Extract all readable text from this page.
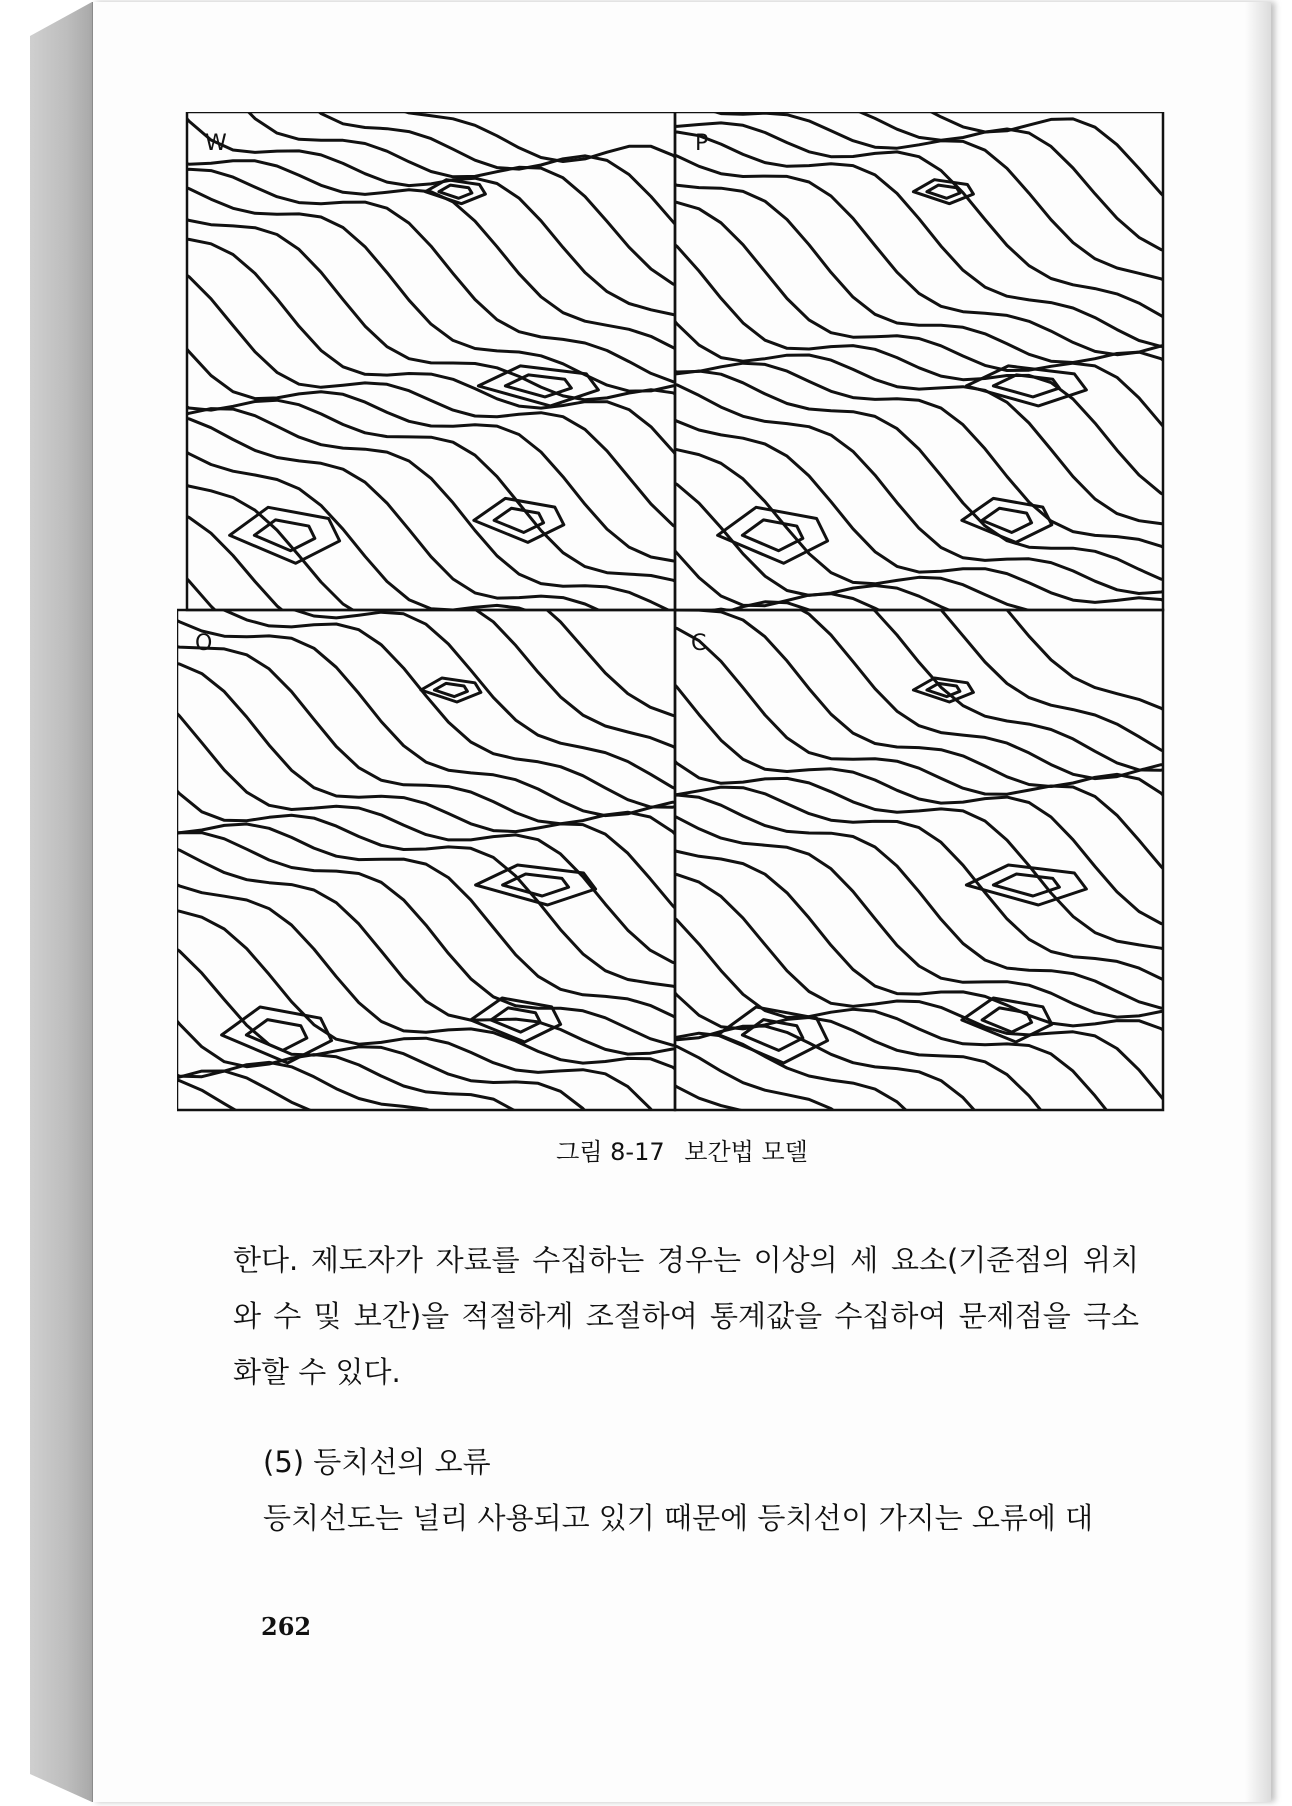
W	P
O	C
그림 8-17 보간법 모델
한다. 제도자가 자료를 수집하는 경우는 이상의 세 요소(기준점의 위치와 수 및 보간)을 적절하게 조절하여 통계값을 수집하여 문제점을 극소화할 수 있다.
(5) 등치선의 오류
등치선도는 널리 사용되고 있기 때문에 등치선이 가지는 오류에 대
262
